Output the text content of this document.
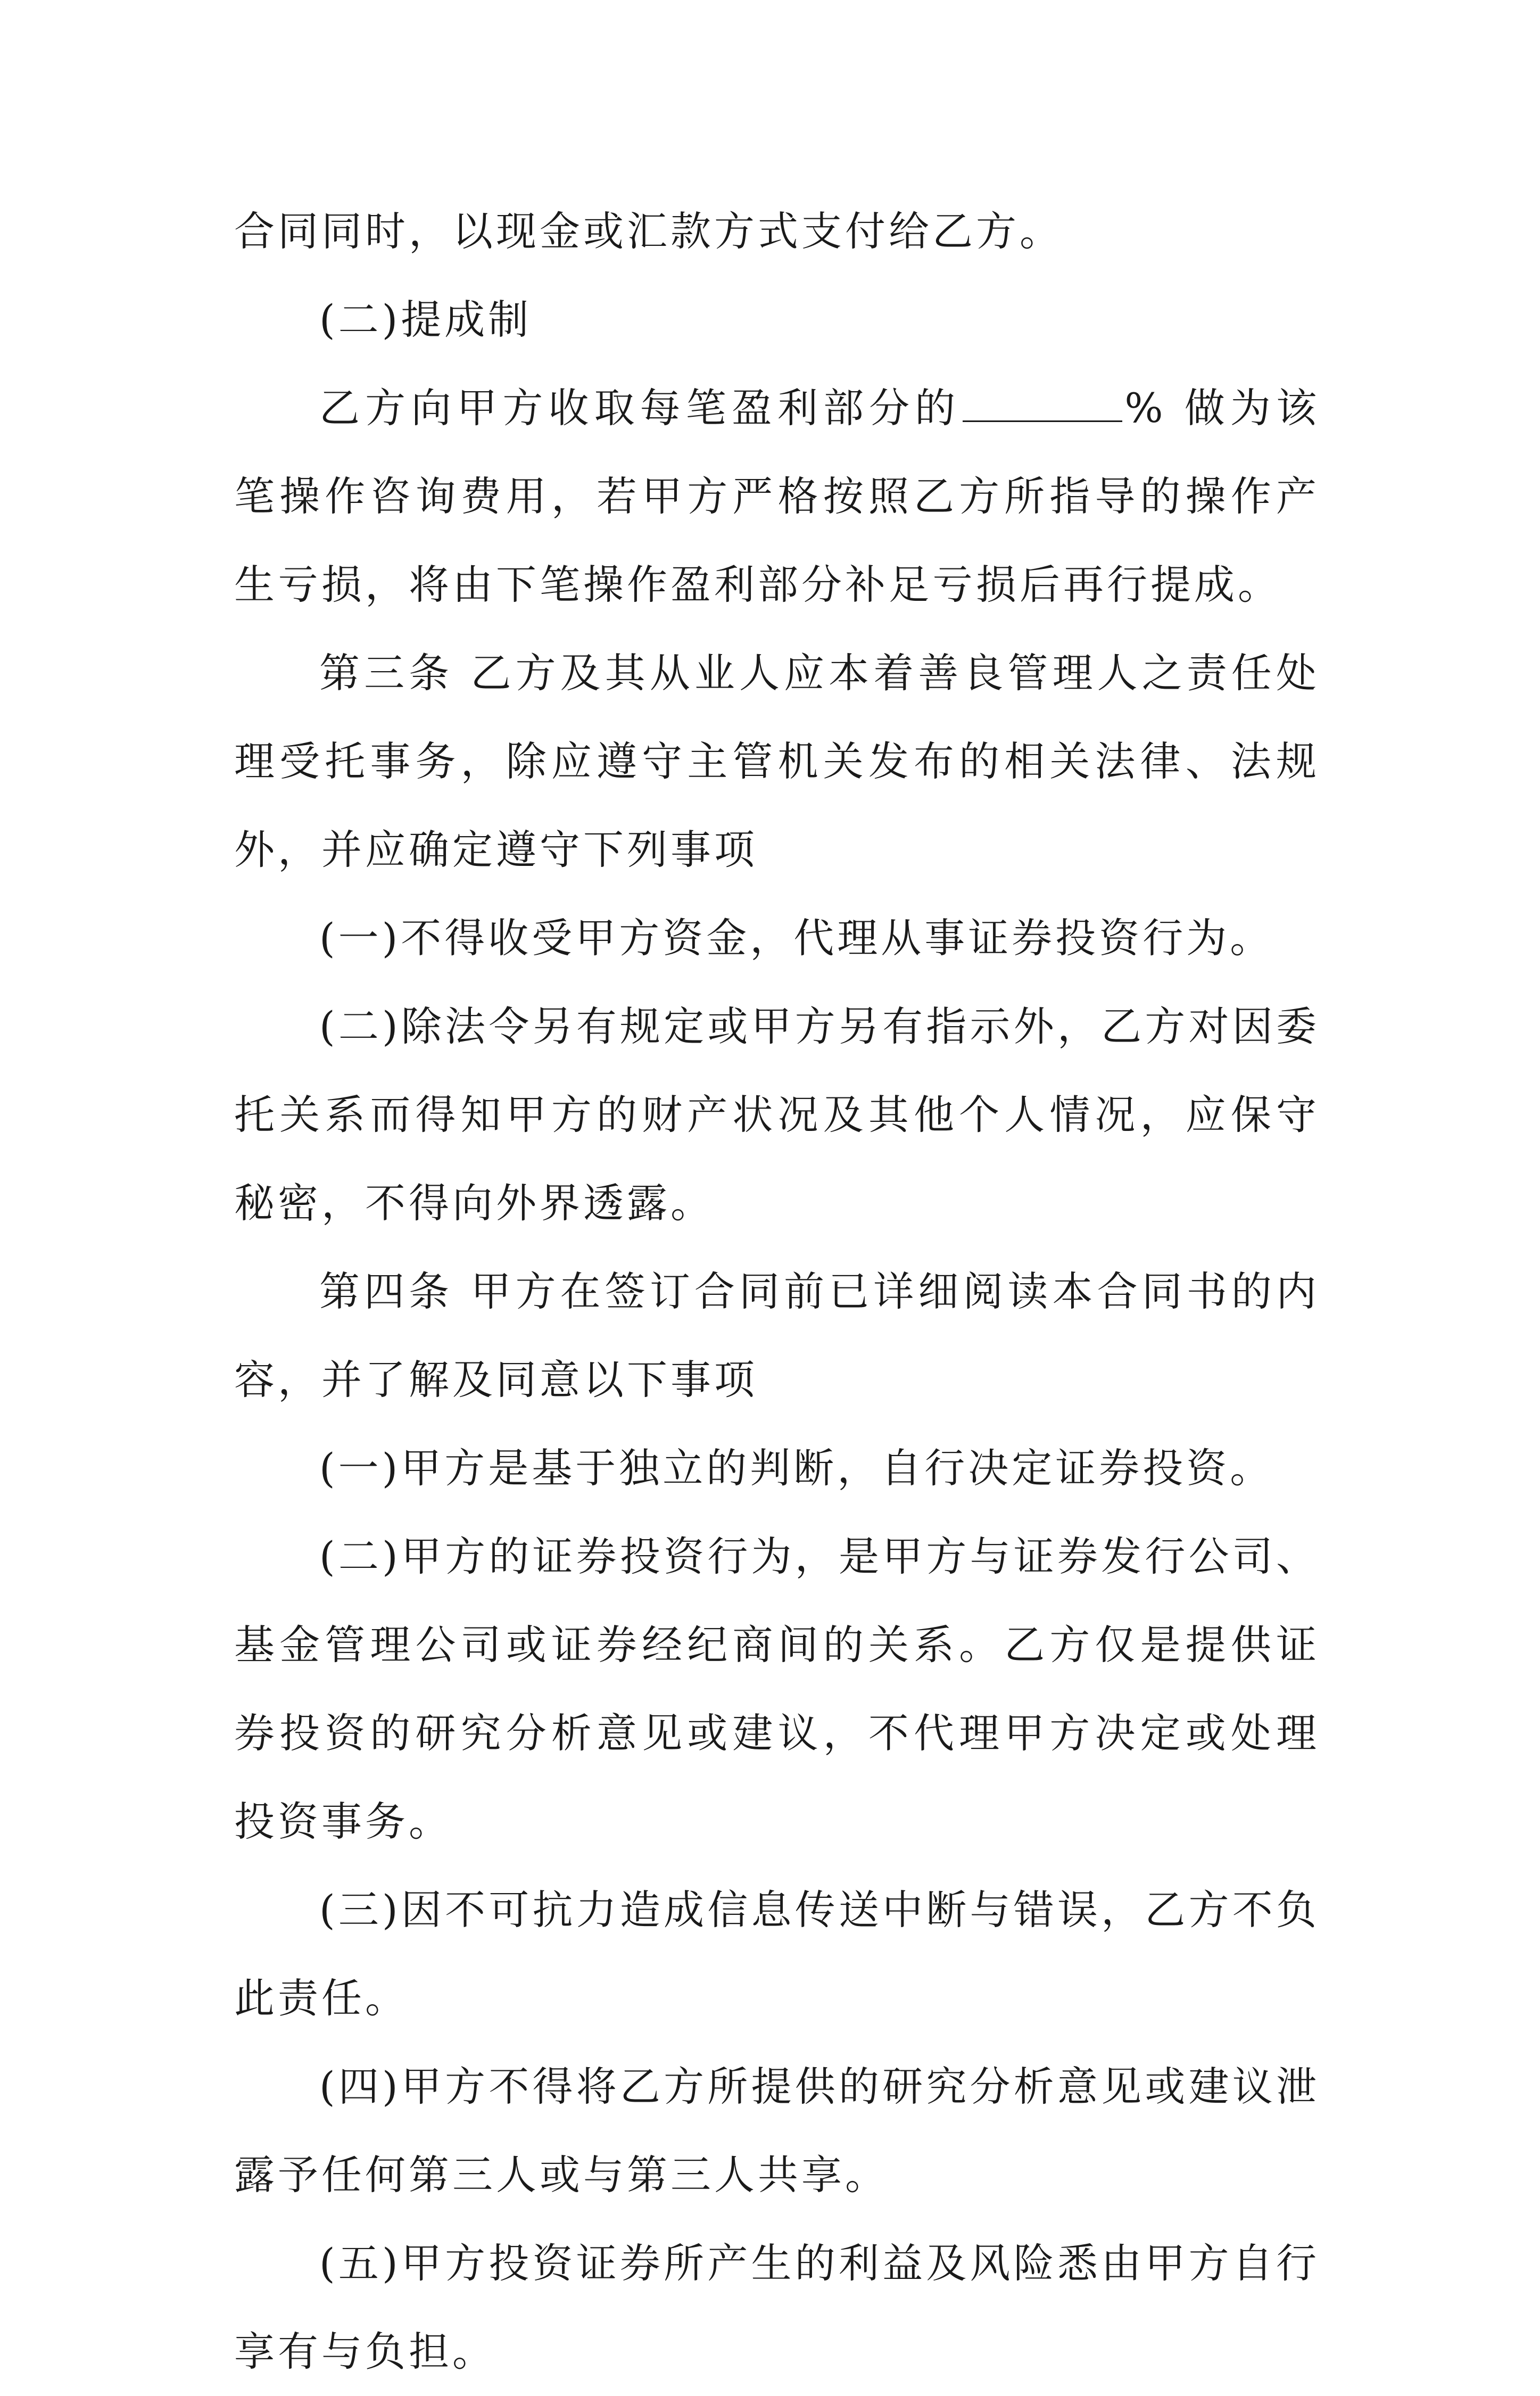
合同同时，以现金或汇款方式支付给乙方。

(二)提成制

乙方向甲方收取每笔盈利部分的	% 做为该笔操作咨询费用，若甲方严格按照乙方所指导的操作产生亏损，将由下笔操作盈利部分补足亏损后再行提成。

第三条 乙方及其从业人应本着善良管理人之责任处理受托事务，除应遵守主管机关发布的相关法律、法规外，并应确定遵守下列事项

(一)不得收受甲方资金，代理从事证券投资行为。

(二)除法令另有规定或甲方另有指示外，乙方对因委托关系而得知甲方的财产状况及其他个人情况，应保守秘密，不得向外界透露。

第四条 甲方在签订合同前已详细阅读本合同书的内容，并了解及同意以下事项

(一)甲方是基于独立的判断，自行决定证券投资。

(二)甲方的证券投资行为，是甲方与证券发行公司、基金管理公司或证券经纪商间的关系。乙方仅是提供证券投资的研究分析意见或建议，不代理甲方决定或处理投资事务。

(三)因不可抗力造成信息传送中断与错误，乙方不负此责任。

(四)甲方不得将乙方所提供的研究分析意见或建议泄露予任何第三人或与第三人共享。

(五)甲方投资证券所产生的利益及风险悉由甲方自行享有与负担。
